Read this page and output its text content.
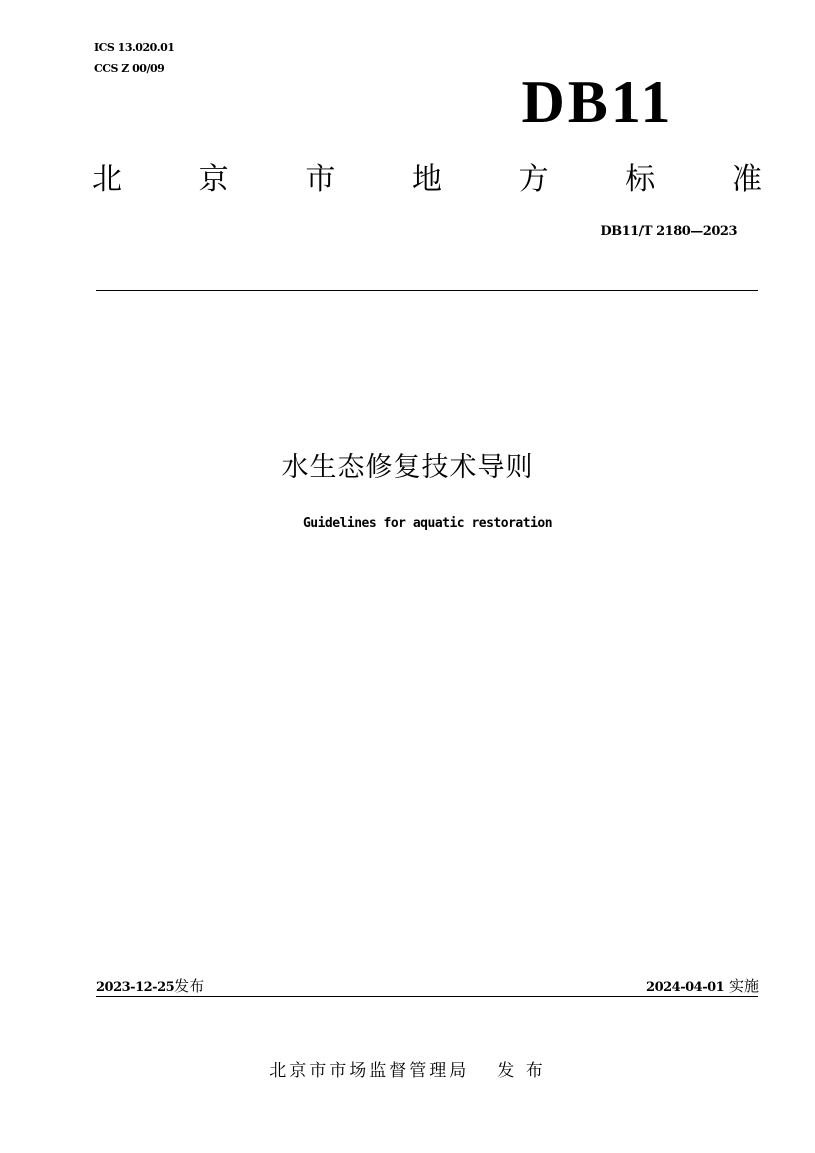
ICS 13.020.01
CCS Z 00/09
DB11
北	京	市	地	方	标	准
DB11/T 2180—2023
水生态修复技术导则
Guidelines for aquatic restoration
2023-12-25发布	2024-04-01 实施
北京市市场监督管理局 发 布
